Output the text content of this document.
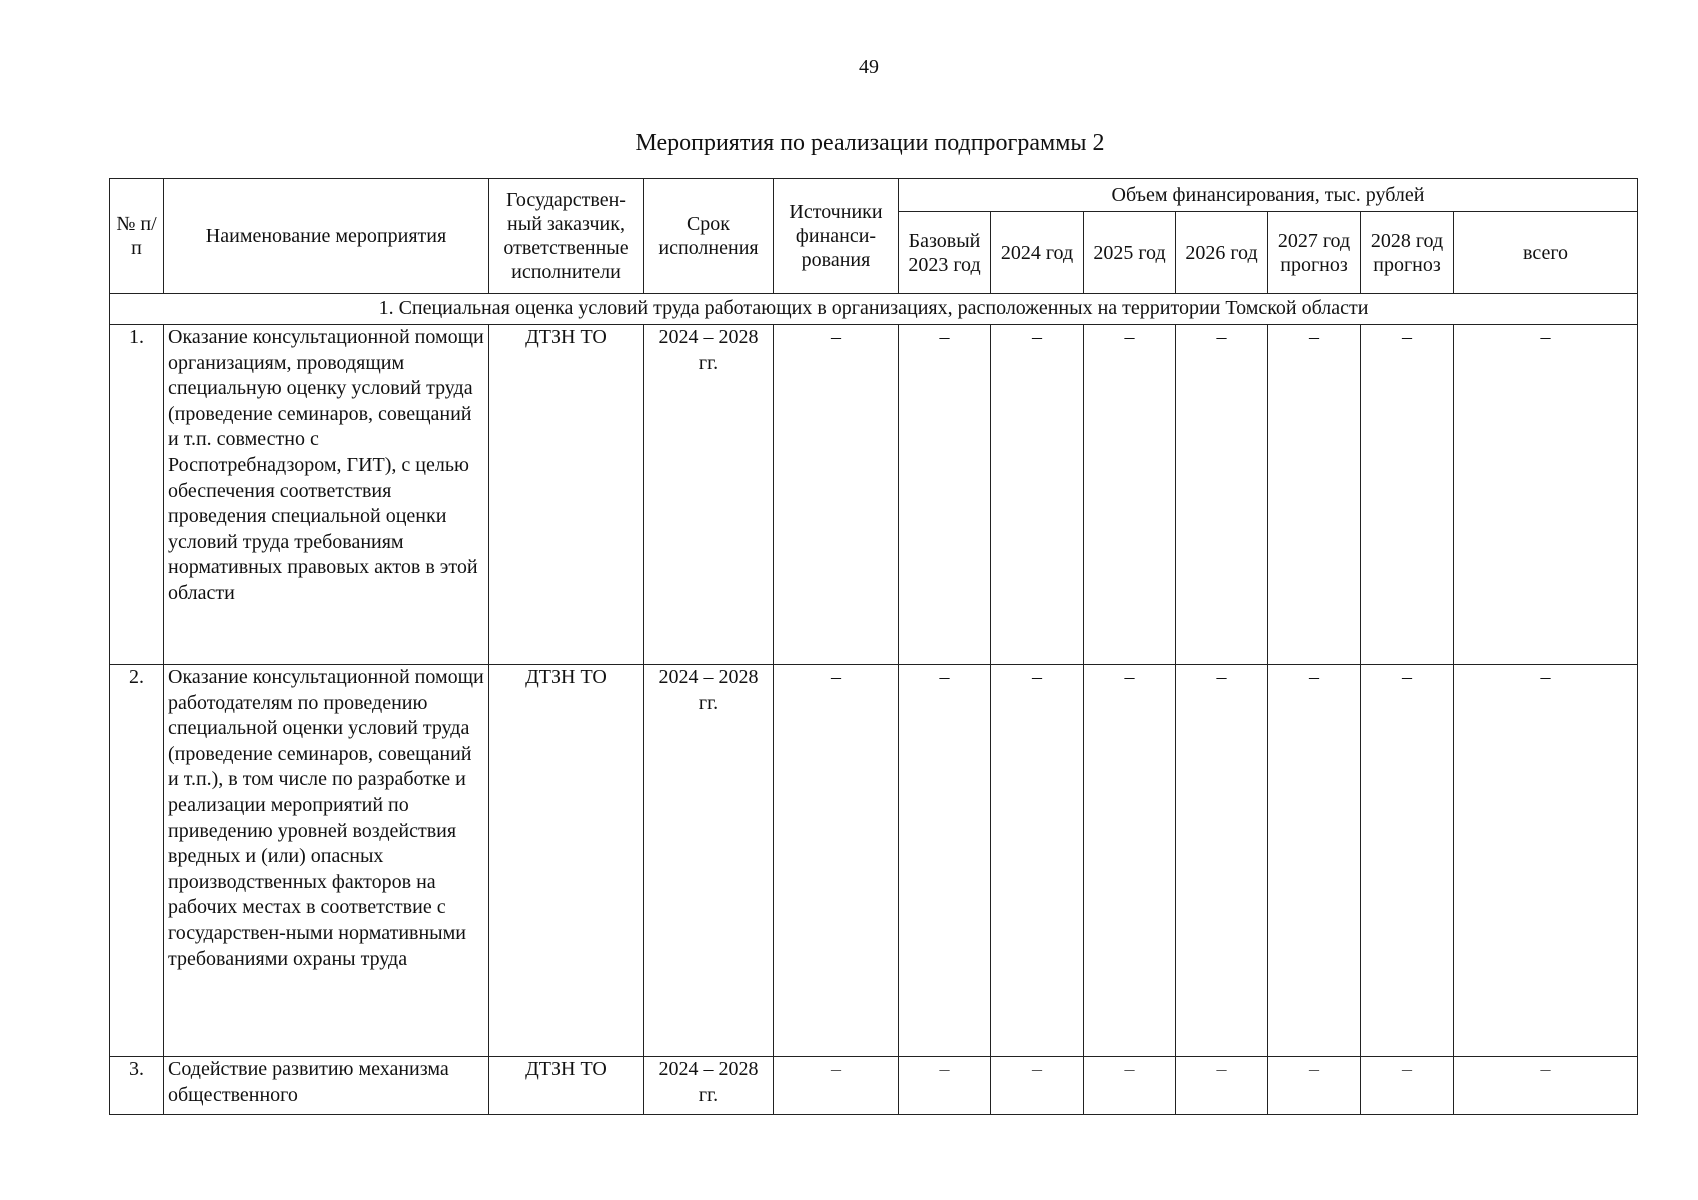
49
Мероприятия по реализации подпрограммы 2
№ п/п	Наименование мероприятия	Государствен-ный заказчик, ответственные исполнители	Срок исполнения	Источники финанси-рования	Объем финансирования, тыс. рублей						
					Базовый 2023 год	2024 год	2025 год	2026 год	2027 год прогноз	2028 год прогноз	всего
1. Специальная оценка условий труда работающих в организациях, расположенных на территории Томской области											
1.	Оказание консультационной помощи организациям, проводящим специальную оценку условий труда (проведение семинаров, совещаний и т.п. совместно с Роспотребнадзором, ГИТ), с целью обеспечения соответствия проведения специальной оценки условий труда требованиям нормативных правовых актов в этой области	ДТЗН ТО	2024 – 2028 гг.	–	–	–	–	–	–	–	–
2.	Оказание консультационной помощи работодателям по проведению специальной оценки условий труда (проведение семинаров, совещаний и т.п.), в том числе по разработке и реализации мероприятий по приведению уровней воздействия вредных и (или) опасных производственных факторов на рабочих местах в соответствие с государствен-ными нормативными требованиями охраны труда	ДТЗН ТО	2024 – 2028 гг.	–	–	–	–	–	–	–	–
3.	Содействие развитию механизма общественного	ДТЗН ТО	2024 – 2028 гг.	–	–	–	–	–	–	–	–
